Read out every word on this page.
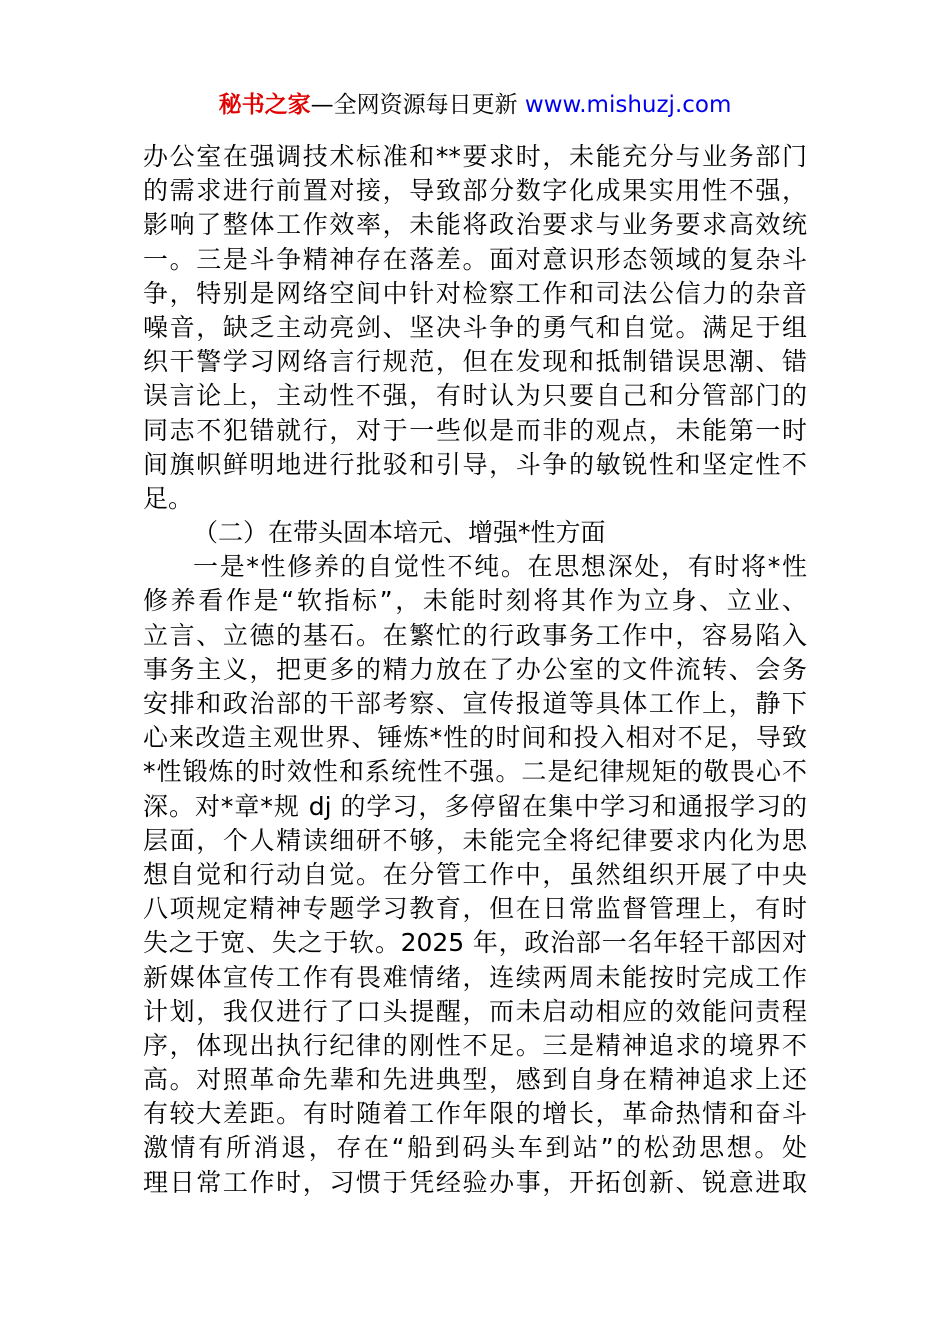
秘书之家—全网资源每日更新 www.mishuzj.com
办公室在强调技术标准和**要求时，未能充分与业务部门
的需求进行前置对接，导致部分数字化成果实用性不强，
影响了整体工作效率，未能将政治要求与业务要求高效统
一。三是斗争精神存在落差。面对意识形态领域的复杂斗
争，特别是网络空间中针对检察工作和司法公信力的杂音
噪音，缺乏主动亮剑、坚决斗争的勇气和自觉。满足于组
织干警学习网络言行规范，但在发现和抵制错误思潮、错
误言论上，主动性不强，有时认为只要自己和分管部门的
同志不犯错就行，对于一些似是而非的观点，未能第一时
间旗帜鲜明地进行批驳和引导，斗争的敏锐性和坚定性不
足。
（二）在带头固本培元、增强*性方面
一是*性修养的自觉性不纯。在思想深处，有时将*性
修养看作是“软指标”，未能时刻将其作为立身、立业、
立言、立德的基石。在繁忙的行政事务工作中，容易陷入
事务主义，把更多的精力放在了办公室的文件流转、会务
安排和政治部的干部考察、宣传报道等具体工作上，静下
心来改造主观世界、锤炼*性的时间和投入相对不足，导致
*性锻炼的时效性和系统性不强。二是纪律规矩的敬畏心不
深。对*章*规 dj 的学习，多停留在集中学习和通报学习的
层面，个人精读细研不够，未能完全将纪律要求内化为思
想自觉和行动自觉。在分管工作中，虽然组织开展了中央
八项规定精神专题学习教育，但在日常监督管理上，有时
失之于宽、失之于软。2025 年，政治部一名年轻干部因对
新媒体宣传工作有畏难情绪，连续两周未能按时完成工作
计划，我仅进行了口头提醒，而未启动相应的效能问责程
序，体现出执行纪律的刚性不足。三是精神追求的境界不
高。对照革命先辈和先进典型，感到自身在精神追求上还
有较大差距。有时随着工作年限的增长，革命热情和奋斗
激情有所消退，存在“船到码头车到站”的松劲思想。处
理日常工作时，习惯于凭经验办事，开拓创新、锐意进取
